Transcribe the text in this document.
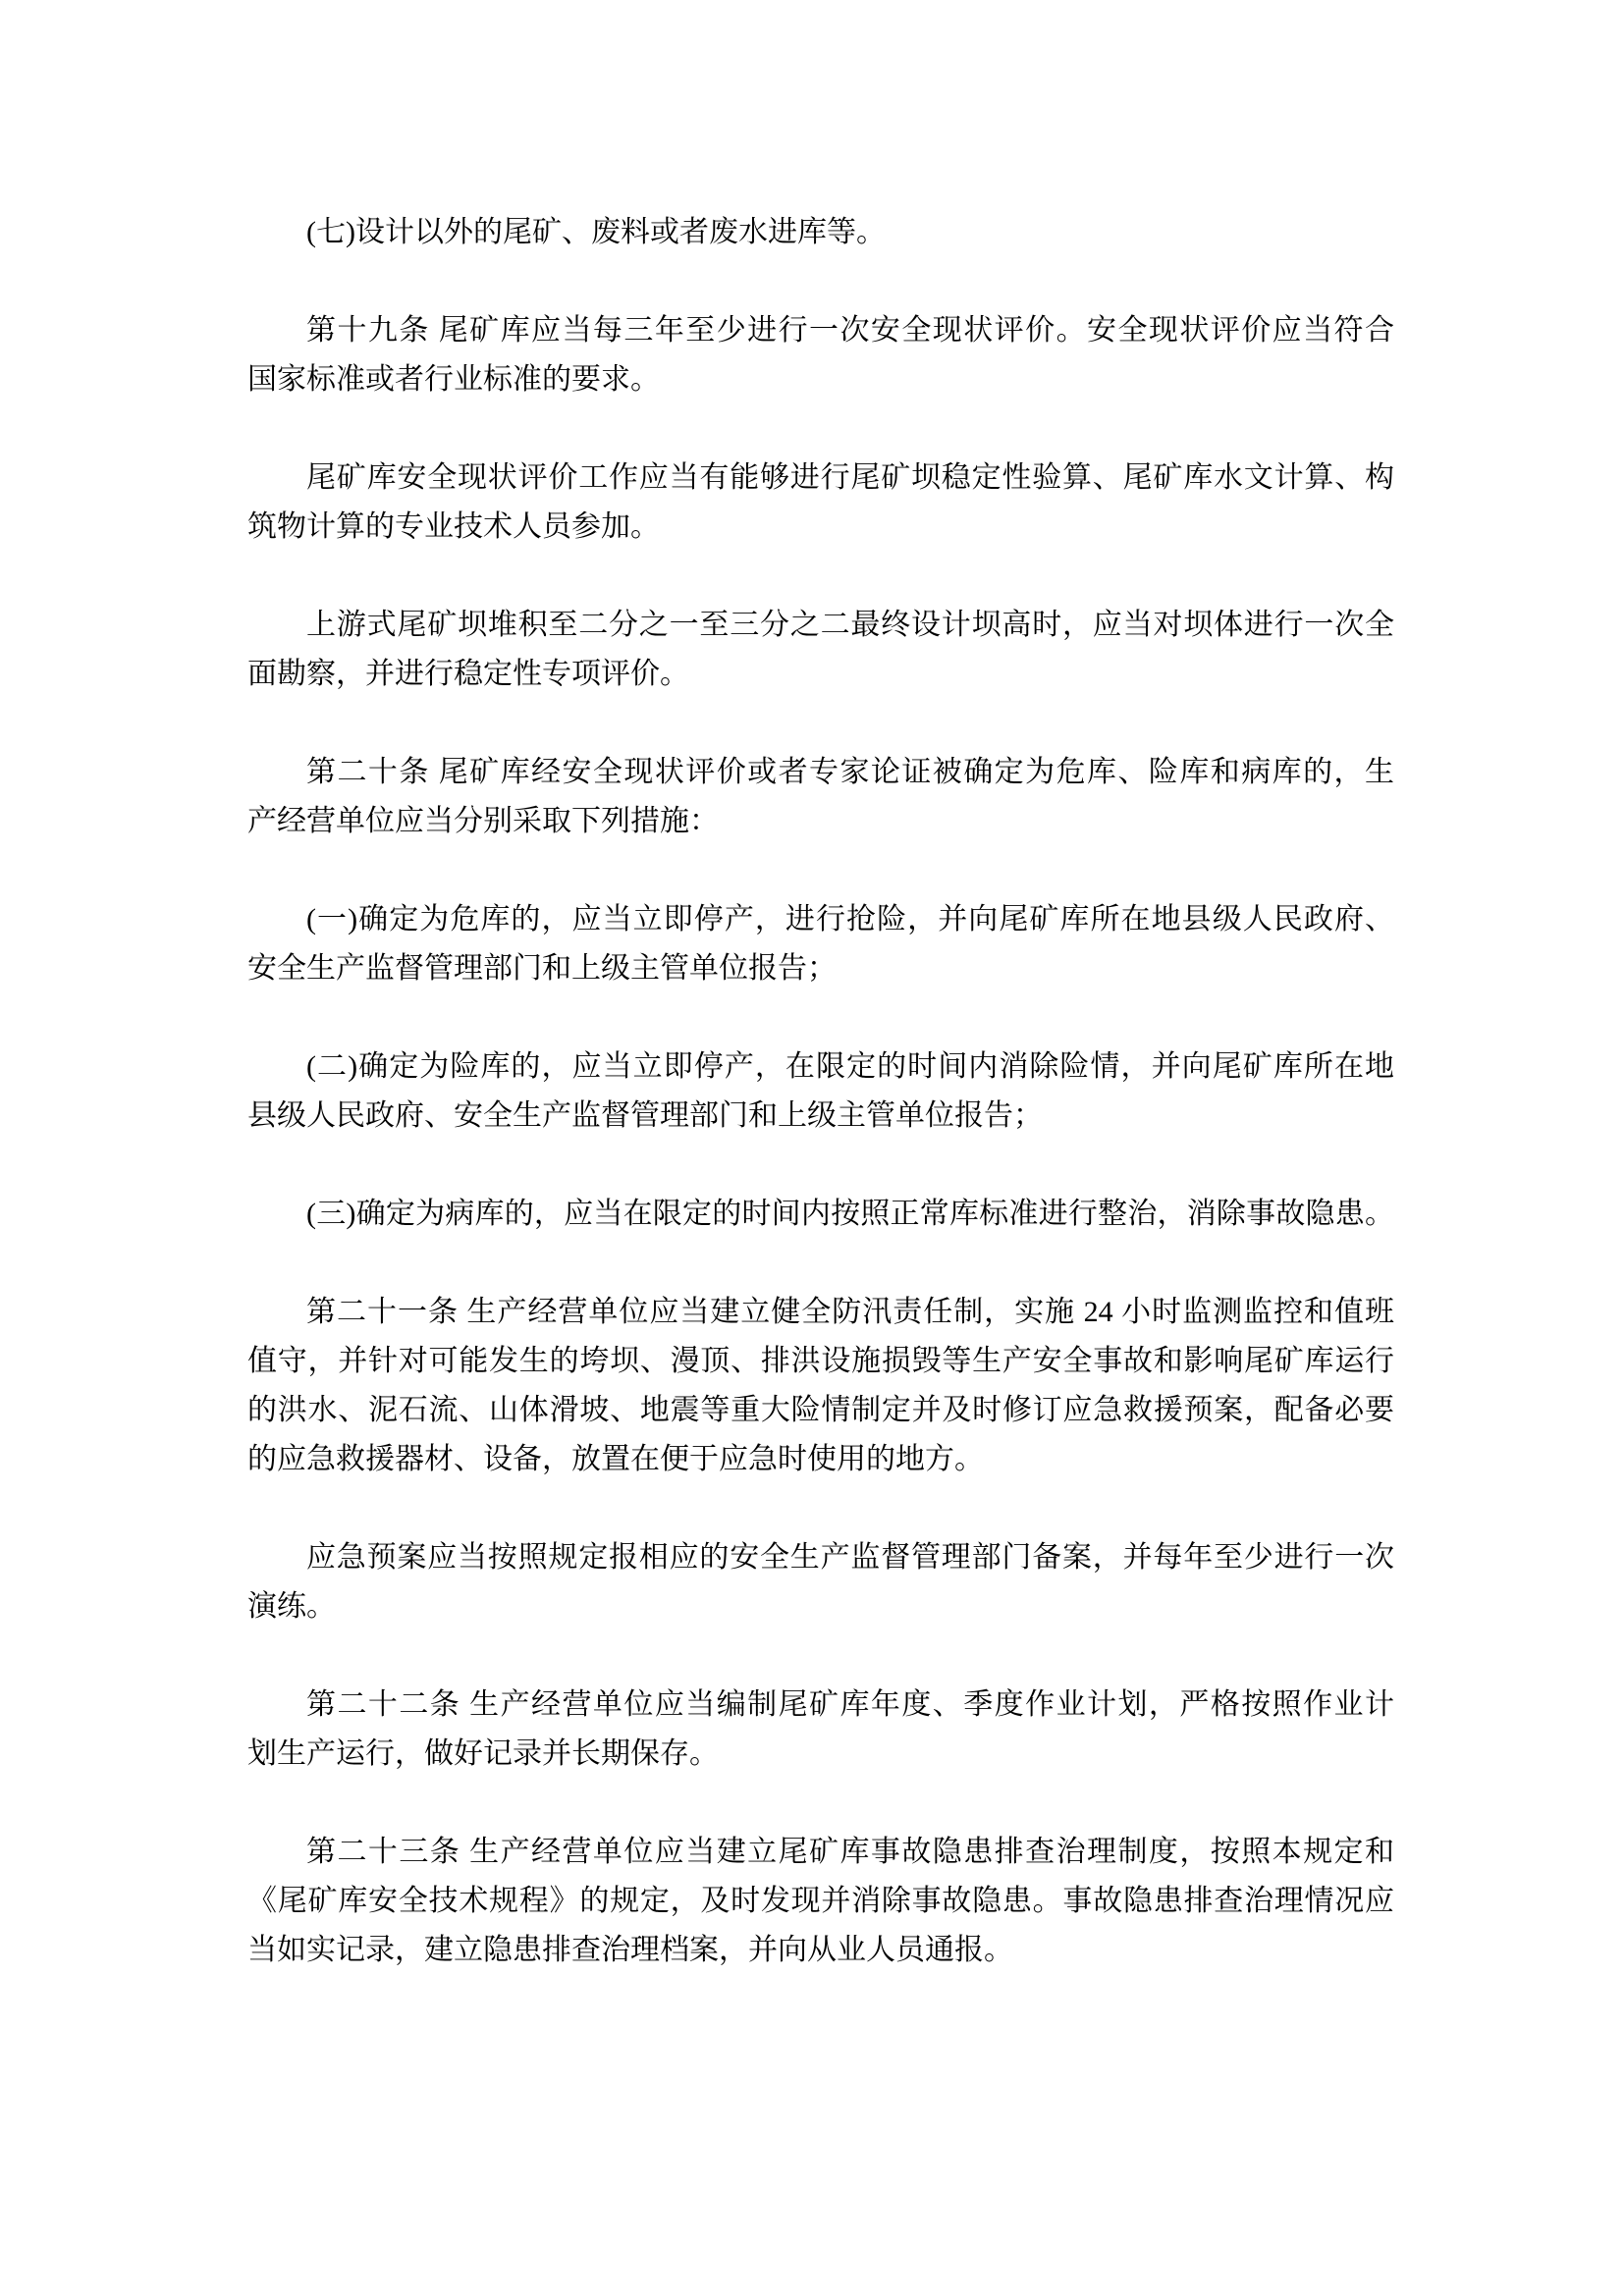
(七)设计以外的尾矿、废料或者废水进库等。
第十九条 尾矿库应当每三年至少进行一次安全现状评价。安全现状评价应当符合
国家标准或者行业标准的要求。
尾矿库安全现状评价工作应当有能够进行尾矿坝稳定性验算、尾矿库水文计算、构
筑物计算的专业技术人员参加。
上游式尾矿坝堆积至二分之一至三分之二最终设计坝高时，应当对坝体进行一次全
面勘察，并进行稳定性专项评价。
第二十条 尾矿库经安全现状评价或者专家论证被确定为危库、险库和病库的，生
产经营单位应当分别采取下列措施：
(一)确定为危库的，应当立即停产，进行抢险，并向尾矿库所在地县级人民政府、
安全生产监督管理部门和上级主管单位报告；
(二)确定为险库的，应当立即停产，在限定的时间内消除险情，并向尾矿库所在地
县级人民政府、安全生产监督管理部门和上级主管单位报告；
(三)确定为病库的，应当在限定的时间内按照正常库标准进行整治，消除事故隐患。
第二十一条 生产经营单位应当建立健全防汛责任制，实施 24 小时监测监控和值班
值守，并针对可能发生的垮坝、漫顶、排洪设施损毁等生产安全事故和影响尾矿库运行
的洪水、泥石流、山体滑坡、地震等重大险情制定并及时修订应急救援预案，配备必要
的应急救援器材、设备，放置在便于应急时使用的地方。
应急预案应当按照规定报相应的安全生产监督管理部门备案，并每年至少进行一次
演练。
第二十二条 生产经营单位应当编制尾矿库年度、季度作业计划，严格按照作业计
划生产运行，做好记录并长期保存。
第二十三条 生产经营单位应当建立尾矿库事故隐患排查治理制度，按照本规定和
《尾矿库安全技术规程》的规定，及时发现并消除事故隐患。事故隐患排查治理情况应
当如实记录，建立隐患排查治理档案，并向从业人员通报。
